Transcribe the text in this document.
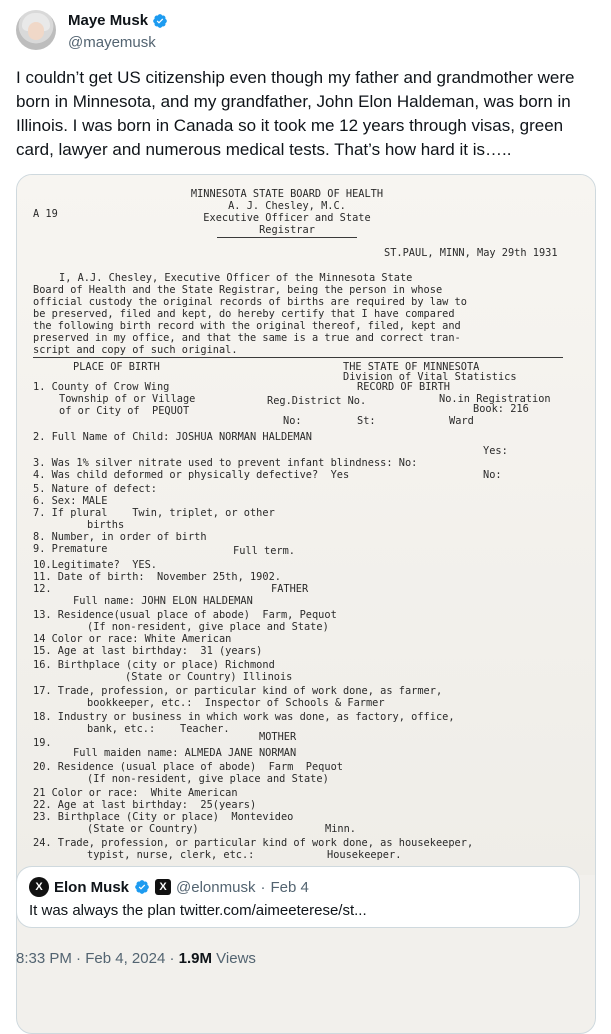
Maye Musk
@mayemusk
I couldn’t get US citizenship even though my father and grandmother were born in Minnesota, and my grandfather, John Elon Haldeman, was born in Illinois. I was born in Canada so it took me 12 years through visas, green card, lawyer and numerous medical tests. That’s how hard it is…..
MINNESOTA STATE BOARD OF HEALTH
A. J. Chesley, M.C.
Executive Officer and State
Registrar
A 19
ST.PAUL, MINN, May 29th 1931
I, A.J. Chesley, Executive Officer of the Minnesota State
Board of Health and the State Registrar, being the person in whose
official custody the original records of births are required by law to
be preserved, filed and kept, do hereby certify that I have compared
the following birth record with the original thereof, filed, kept and
preserved in my office, and that the same is a true and correct tran-
script and copy of such original.
PLACE OF BIRTH	THE STATE OF MINNESOTA
Division of Vital Statistics
RECORD OF BIRTH
1. County of Crow Wing
Township of or Village
of or City of  PEQUOT
Reg.District No.	No.in Registration
Book: 216
Ward
No:	St:
2. Full Name of Child: JOSHUA NORMAN HALDEMAN
Yes:
3. Was 1% silver nitrate used to prevent infant blindness: No:
4. Was child deformed or physically defective?  Yes	No:
5. Nature of defect:
6. Sex: MALE
7. If plural    Twin, triplet, or other
births
8. Number, in order of birth
9. Premature	Full term.
10.Legitimate?  YES.
11. Date of birth:  November 25th, 1902.
12.	FATHER
Full name: JOHN ELON HALDEMAN
13. Residence(usual place of abode)  Farm, Pequot
(If non-resident, give place and State)
14 Color or race: White American
15. Age at last birthday:  31 (years)
16. Birthplace (city or place) Richmond
(State or Country) Illinois
17. Trade, profession, or particular kind of work done, as farmer,
bookkeeper, etc.:  Inspector of Schools & Farmer
18. Industry or business in which work was done, as factory, office,
bank, etc.:    Teacher.
19.	MOTHER
Full maiden name: ALMEDA JANE NORMAN
20. Residence (usual place of abode)  Farm  Pequot
(If non-resident, give place and State)
21 Color or race:  White American
22. Age at last birthday:  25(years)
23. Birthplace (City or place)  Montevideo
(State or Country)	Minn.
24. Trade, profession, or particular kind of work done, as housekeeper,
typist, nurse, clerk, etc.:	Housekeeper.
X Elon Musk	X @elonmusk · Feb 4
It was always the plan twitter.com/aimeeterese/st...
8:33 PM · Feb 4, 2024 · 1.9M Views
